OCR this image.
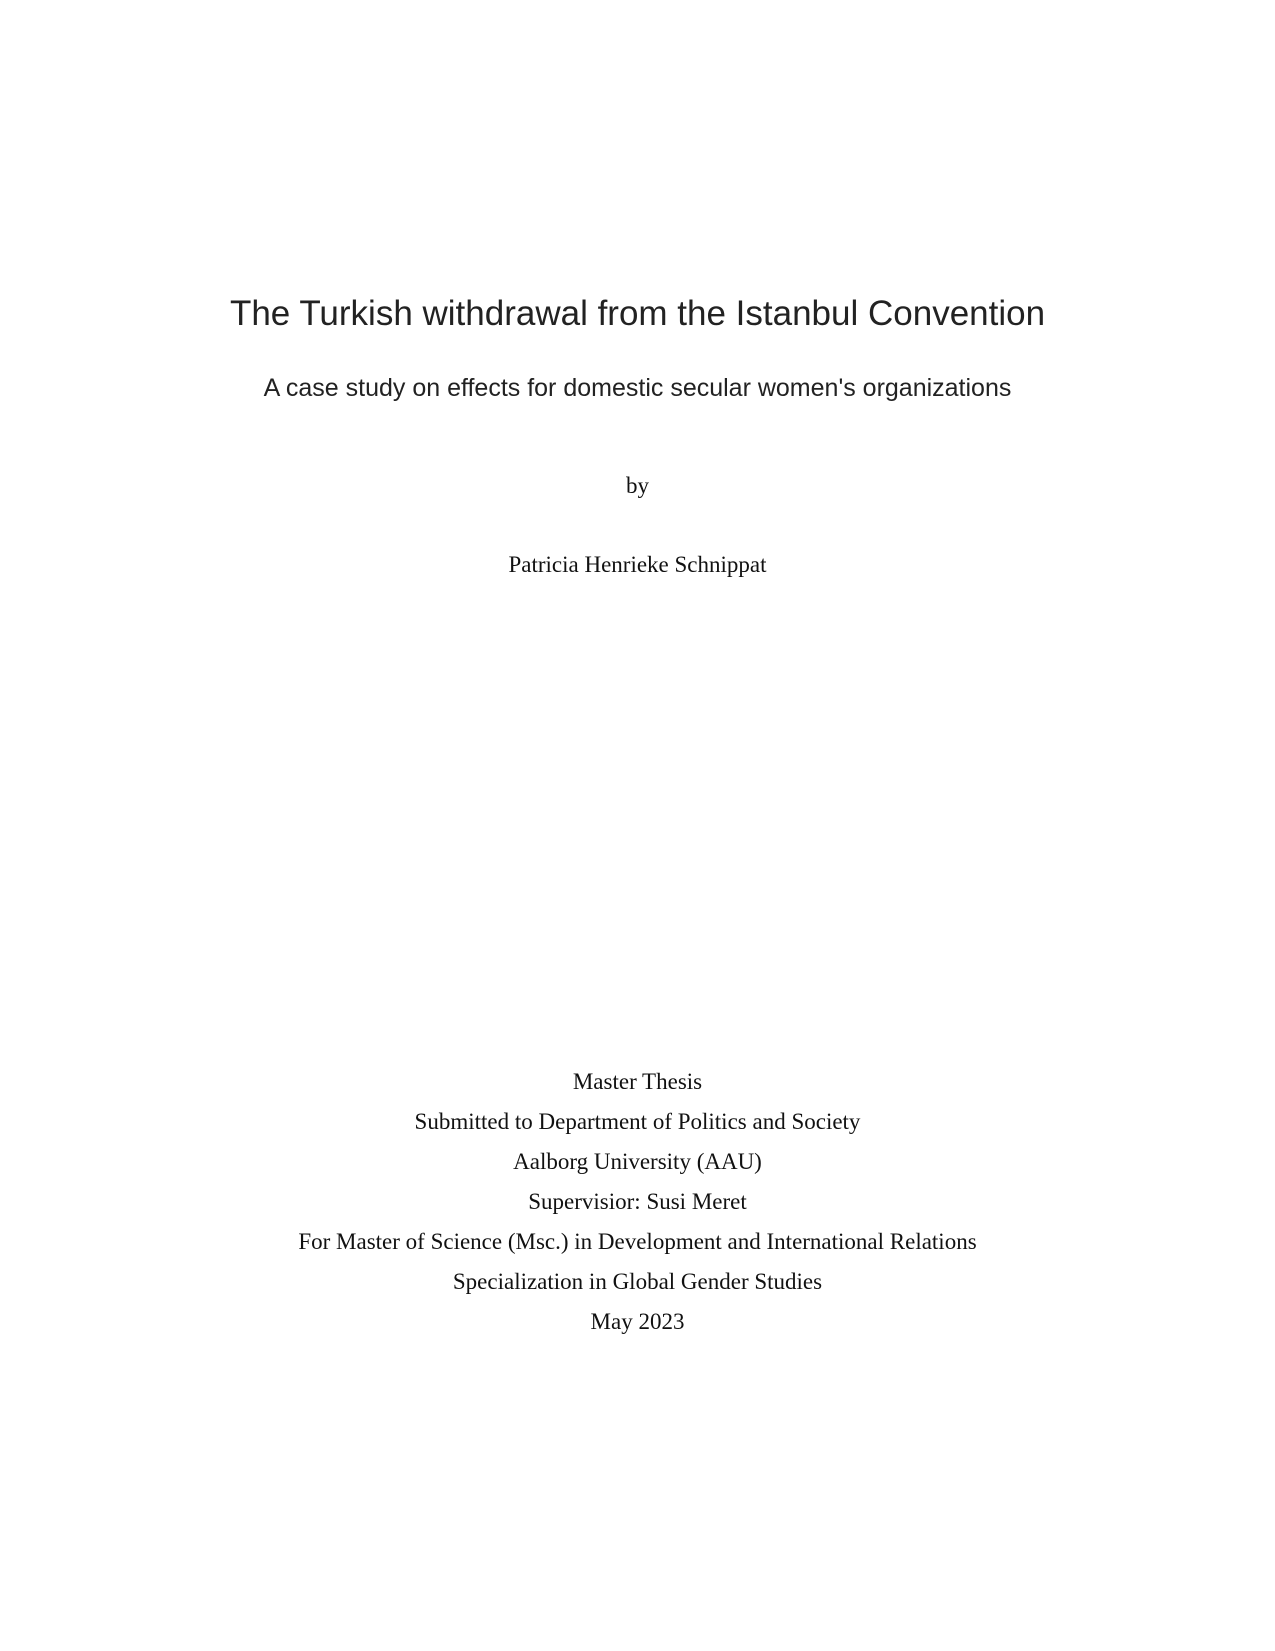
The Turkish withdrawal from the Istanbul Convention
A case study on effects for domestic secular women's organizations

by

Patricia Henrieke Schnippat

Master Thesis
Submitted to Department of Politics and Society
Aalborg University (AAU)
Supervisior: Susi Meret
For Master of Science (Msc.) in Development and International Relations
Specialization in Global Gender Studies
May 2023
